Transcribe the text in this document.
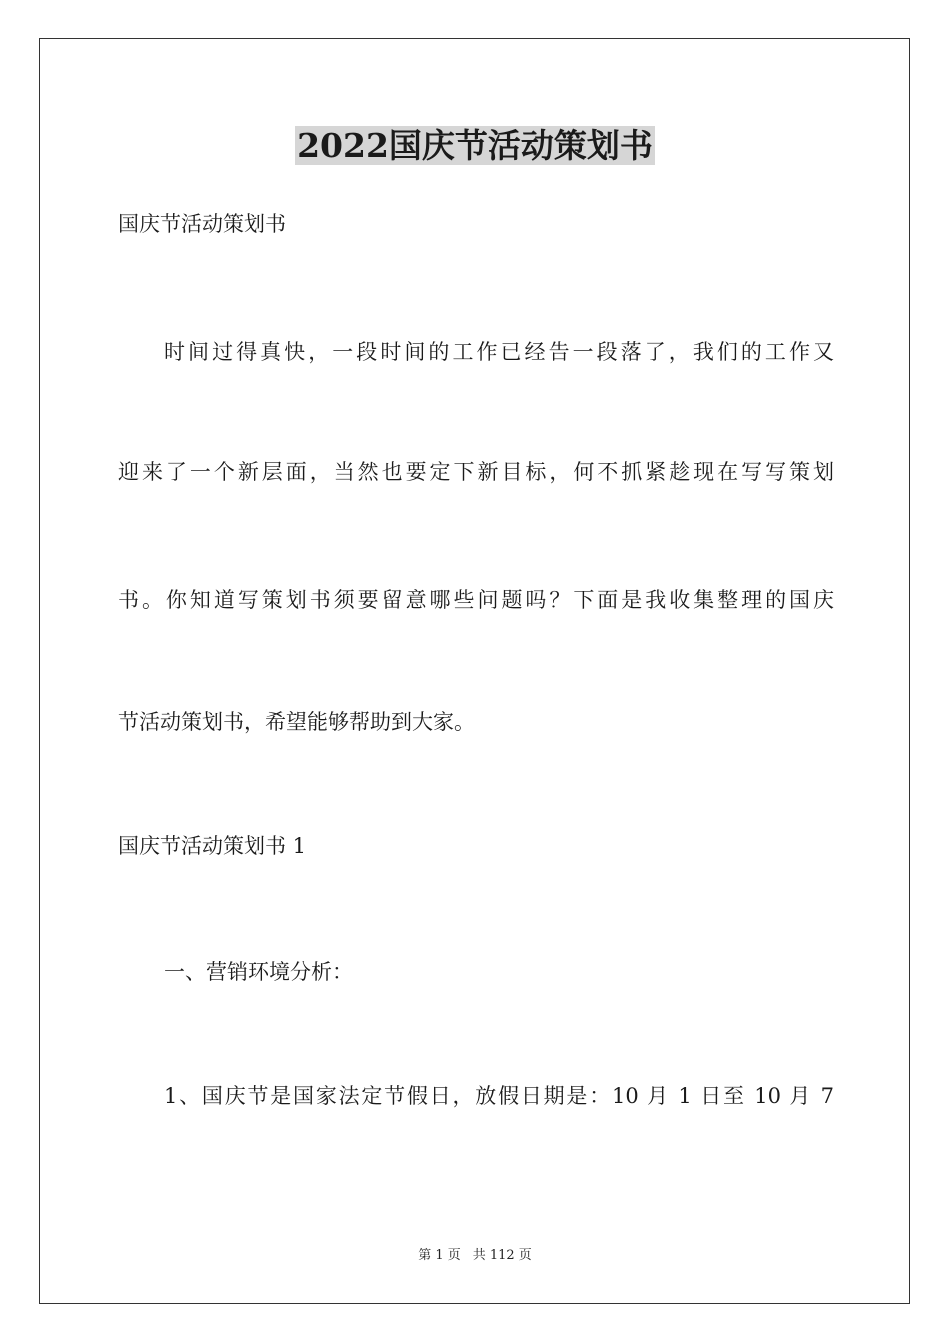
2022国庆节活动策划书
国庆节活动策划书
时间过得真快，一段时间的工作已经告一段落了，我们的工作又
迎来了一个新层面，当然也要定下新目标，何不抓紧趁现在写写策划
书。你知道写策划书须要留意哪些问题吗？下面是我收集整理的国庆
节活动策划书，希望能够帮助到大家。
国庆节活动策划书 1
一、营销环境分析：
1、国庆节是国家法定节假日，放假日期是：10 月 1 日至 10 月 7
第 1 页 共 112 页
